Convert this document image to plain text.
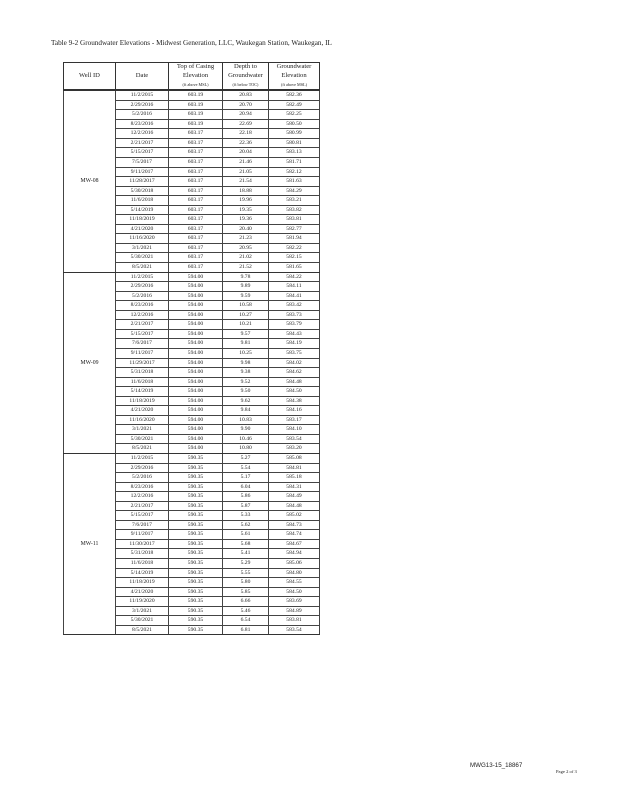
Table 9-2 Groundwater Elevations - Midwest Generation, LLC, Waukegan Station, Waukegan, IL
Well ID	Date	Top of Casing	Depth to	Groundwater
		Elevation	Groundwater	Elevation
		(ft above MSL)	(ft below TOC)	(ft above MSL)
MW-08	11/2/2015	603.19	20.83	582.36
	2/29/2016	603.19	20.70	582.49
	5/2/2016	603.19	20.94	582.25
	8/23/2016	603.19	22.69	580.50
	12/2/2016	603.17	22.18	580.99
	2/21/2017	603.17	22.36	580.81
	5/15/2017	603.17	20.04	583.13
	7/5/2017	603.17	21.46	581.71
	9/11/2017	603.17	21.05	582.12
	11/28/2017	603.17	21.54	581.63
	5/30/2018	603.17	18.88	584.29
	11/6/2018	603.17	19.96	583.21
	5/14/2019	603.17	19.35	583.82
	11/18/2019	603.17	19.36	583.81
	4/21/2020	603.17	20.40	582.77
	11/16/2020	603.17	21.23	581.94
	3/1/2021	603.17	20.95	582.22
	5/30/2021	603.17	21.02	582.15
	8/5/2021	603.17	21.52	581.65
MW-09	11/2/2015	594.00	9.78	584.22
	2/29/2016	594.00	9.89	584.11
	5/2/2016	594.00	9.59	584.41
	8/23/2016	594.00	10.58	583.42
	12/2/2016	594.00	10.27	583.73
	2/21/2017	594.00	10.21	583.79
	5/15/2017	594.00	9.57	584.43
	7/6/2017	594.00	9.81	584.19
	9/11/2017	594.00	10.25	583.75
	11/29/2017	594.00	9.98	584.02
	5/31/2018	594.00	9.38	584.62
	11/6/2018	594.00	9.52	584.48
	5/14/2019	594.00	9.50	584.50
	11/18/2019	594.00	9.62	584.38
	4/21/2020	594.00	9.84	584.16
	11/16/2020	594.00	10.83	583.17
	3/1/2021	594.00	9.90	584.10
	5/30/2021	594.00	10.46	583.54
	8/5/2021	594.00	10.80	583.20
MW-11	11/2/2015	590.35	5.27	585.08
	2/29/2016	590.35	5.54	584.81
	5/2/2016	590.35	5.17	585.18
	8/23/2016	590.35	6.04	584.31
	12/2/2016	590.35	5.86	584.49
	2/21/2017	590.35	5.87	584.48
	5/15/2017	590.35	5.33	585.02
	7/6/2017	590.35	5.62	584.73
	9/11/2017	590.35	5.61	584.74
	11/30/2017	590.35	5.68	584.67
	5/31/2018	590.35	5.41	584.94
	11/6/2018	590.35	5.29	585.06
	5/14/2019	590.35	5.55	584.80
	11/18/2019	590.35	5.80	584.55
	4/21/2020	590.35	5.85	584.50
	11/19/2020	590.35	6.66	583.69
	3/1/2021	590.35	5.46	584.89
	5/30/2021	590.35	6.54	583.81
	8/5/2021	590.35	6.81	583.54
MWG13-15_18867
Page 2 of 3
